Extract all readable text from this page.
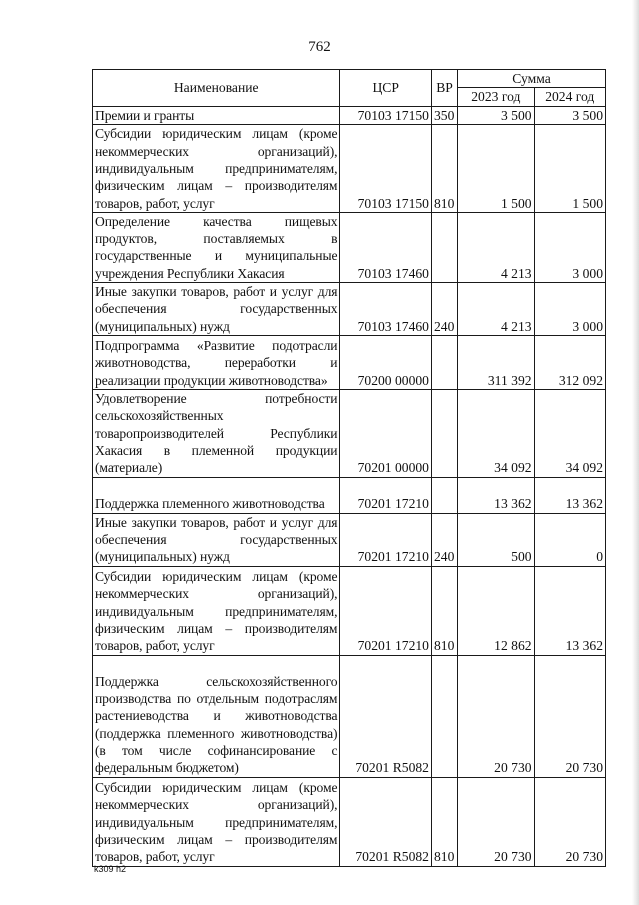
762
Наименование	ЦСР	ВР	Сумма	
			2023 год	2024 год
Премии и гранты	70103 17150	350	3 500	3 500
Субсидии юридическим лицам (кроме некоммерческих организаций), индивидуальным предпринимателям, физическим лицам – производителям товаров, работ, услуг	70103 17150	810	1 500	1 500
Определение качества пищевых продуктов, поставляемых в государственные и муниципальные учреждения Республики Хакасия	70103 17460		4 213	3 000
Иные закупки товаров, работ и услуг для обеспечения государственных (муниципальных) нужд	70103 17460	240	4 213	3 000
Подпрограмма «Развитие подотрасли животноводства, переработки и реализации продукции животноводства»	70200 00000		311 392	312 092
Удовлетворение потребности сельскохозяйственных товаропроизводителей Республики Хакасия в племенной продукции (материале)	70201 00000		34 092	34 092
Поддержка племенного животноводства	70201 17210		13 362	13 362
Иные закупки товаров, работ и услуг для обеспечения государственных (муниципальных) нужд	70201 17210	240	500	0
Субсидии юридическим лицам (кроме некоммерческих организаций), индивидуальным предпринимателям, физическим лицам – производителям товаров, работ, услуг	70201 17210	810	12 862	13 362
Поддержка сельскохозяйственного производства по отдельным подотраслям растениеводства и животноводства (поддержка племенного животноводства) (в том числе софинансирование с федеральным бюджетом)	70201 R5082		20 730	20 730
Субсидии юридическим лицам (кроме некоммерческих организаций), индивидуальным предпринимателям, физическим лицам – производителям товаров, работ, услуг	70201 R5082	810	20 730	20 730
k309 h2
